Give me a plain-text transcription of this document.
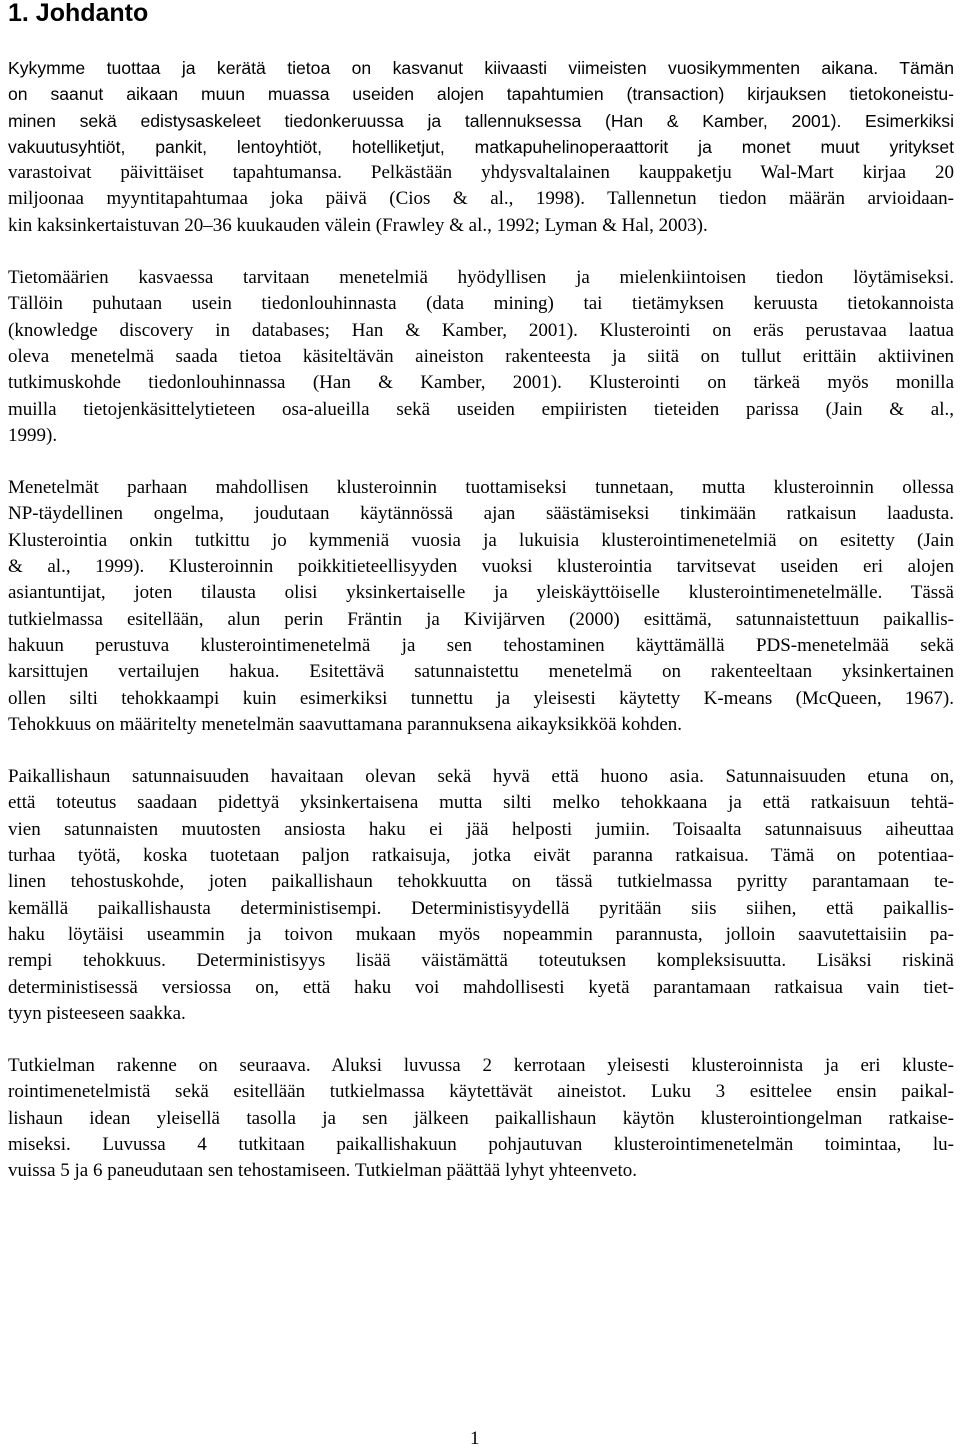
1. Johdanto
Kykymme tuottaa ja kerätä tietoa on kasvanut kiivaasti viimeisten vuosikymmenten aikana. Tämän
on saanut aikaan muun muassa useiden alojen tapahtumien (transaction) kirjauksen tietokoneistu-
minen sekä edistysaskeleet tiedonkeruussa ja tallennuksessa (Han & Kamber, 2001). Esimerkiksi
vakuutusyhtiöt, pankit, lentoyhtiöt, hotelliketjut, matkapuhelinoperaattorit ja monet muut yritykset
varastoivat päivittäiset tapahtumansa. Pelkästään yhdysvaltalainen kauppaketju Wal-Mart kirjaa 20
miljoonaa myyntitapahtumaa joka päivä (Cios & al., 1998). Tallennetun tiedon määrän arvioidaan-
kin kaksinkertaistuvan 20–36 kuukauden välein (Frawley & al., 1992; Lyman & Hal, 2003).
Tietomäärien kasvaessa tarvitaan menetelmiä hyödyllisen ja mielenkiintoisen tiedon löytämiseksi.
Tällöin puhutaan usein tiedonlouhinnasta (data mining) tai tietämyksen keruusta tietokannoista
(knowledge discovery in databases; Han & Kamber, 2001). Klusterointi on eräs perustavaa laatua
oleva menetelmä saada tietoa käsiteltävän aineiston rakenteesta ja siitä on tullut erittäin aktiivinen
tutkimuskohde tiedonlouhinnassa (Han & Kamber, 2001). Klusterointi on tärkeä myös monilla
muilla tietojenkäsittelytieteen osa-alueilla sekä useiden empiiristen tieteiden parissa (Jain & al.,
1999).
Menetelmät parhaan mahdollisen klusteroinnin tuottamiseksi tunnetaan, mutta klusteroinnin ollessa
NP-täydellinen ongelma, joudutaan käytännössä ajan säästämiseksi tinkimään ratkaisun laadusta.
Klusterointia onkin tutkittu jo kymmeniä vuosia ja lukuisia klusterointimenetelmiä on esitetty (Jain
& al., 1999). Klusteroinnin poikkitieteellisyyden vuoksi klusterointia tarvitsevat useiden eri alojen
asiantuntijat, joten tilausta olisi yksinkertaiselle ja yleiskäyttöiselle klusterointimenetelmälle. Tässä
tutkielmassa esitellään, alun perin Fräntin ja Kivijärven (2000) esittämä, satunnaistettuun paikallis-
hakuun perustuva klusterointimenetelmä ja sen tehostaminen käyttämällä PDS-menetelmää sekä
karsittujen vertailujen hakua. Esitettävä satunnaistettu menetelmä on rakenteeltaan yksinkertainen
ollen silti tehokkaampi kuin esimerkiksi tunnettu ja yleisesti käytetty K-means (McQueen, 1967).
Tehokkuus on määritelty menetelmän saavuttamana parannuksena aikayksikköä kohden.
Paikallishaun satunnaisuuden havaitaan olevan sekä hyvä että huono asia. Satunnaisuuden etuna on,
että toteutus saadaan pidettyä yksinkertaisena mutta silti melko tehokkaana ja että ratkaisuun tehtä-
vien satunnaisten muutosten ansiosta haku ei jää helposti jumiin. Toisaalta satunnaisuus aiheuttaa
turhaa työtä, koska tuotetaan paljon ratkaisuja, jotka eivät paranna ratkaisua. Tämä on potentiaa-
linen tehostuskohde, joten paikallishaun tehokkuutta on tässä tutkielmassa pyritty parantamaan te-
kemällä paikallishausta deterministisempi. Deterministisyydellä pyritään siis siihen, että paikallis-
haku löytäisi useammin ja toivon mukaan myös nopeammin parannusta, jolloin saavutettaisiin pa-
rempi tehokkuus. Deterministisyys lisää väistämättä toteutuksen kompleksisuutta. Lisäksi riskinä
deterministisessä versiossa on, että haku voi mahdollisesti kyetä parantamaan ratkaisua vain tiet-
tyyn pisteeseen saakka.
Tutkielman rakenne on seuraava. Aluksi luvussa 2 kerrotaan yleisesti klusteroinnista ja eri kluste-
rointimenetelmistä sekä esitellään tutkielmassa käytettävät aineistot. Luku 3 esittelee ensin paikal-
lishaun idean yleisellä tasolla ja sen jälkeen paikallishaun käytön klusterointiongelman ratkaise-
miseksi. Luvussa 4 tutkitaan paikallishakuun pohjautuvan klusterointimenetelmän toimintaa, lu-
vuissa 5 ja 6 paneudutaan sen tehostamiseen. Tutkielman päättää lyhyt yhteenveto.
1
